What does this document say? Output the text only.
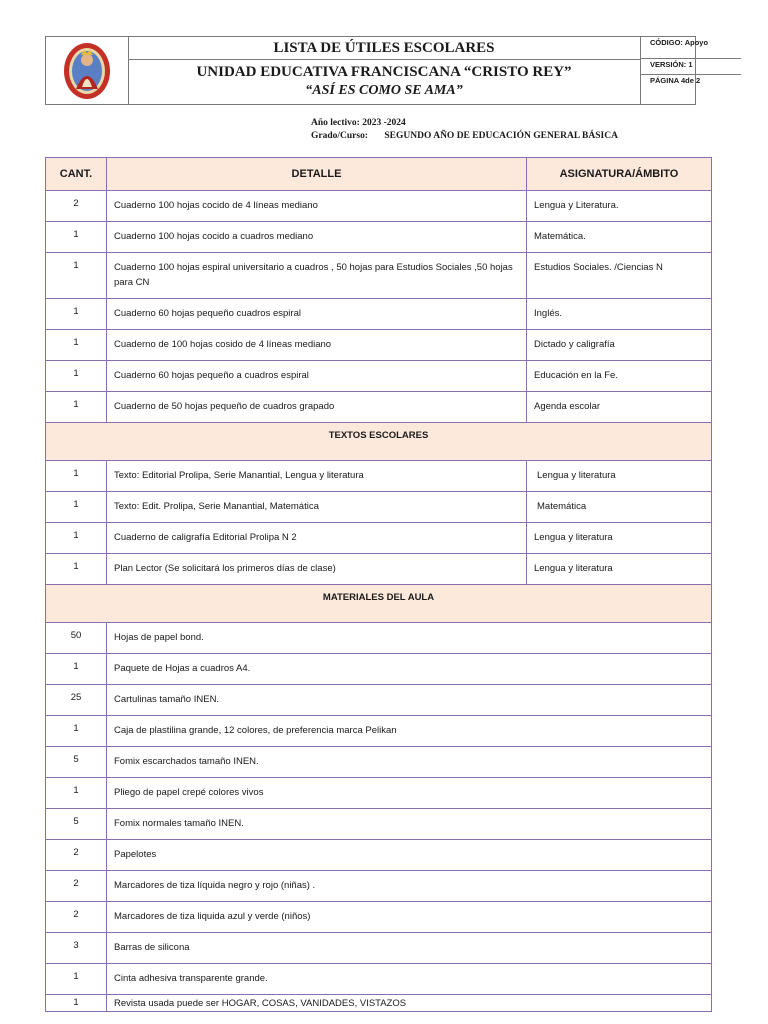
LISTA DE ÚTILES ESCOLARES
UNIDAD EDUCATIVA FRANCISCANA “CRISTO REY”
“ASÍ ES COMO SE AMA”
CÓDIGO: Apoyo
VERSIÓN: 1
PÁGINA 4de 2
Año lectivo: 2023 -2024
Grado/Curso: SEGUNDO AÑO DE EDUCACIÓN GENERAL BÁSICA
CANT.	DETALLE	ASIGNATURA/ÁMBITO
2	Cuaderno 100 hojas cocido de 4 líneas mediano	Lengua y Literatura.
1	Cuaderno 100 hojas cocido a cuadros mediano	Matemática.
1	Cuaderno 100 hojas espiral universitario a cuadros , 50 hojas para Estudios Sociales ,50 hojas para CN	Estudios Sociales. /Ciencias N
1	Cuaderno 60 hojas pequeño cuadros espiral	Inglés.
1	Cuaderno de 100 hojas cosido de 4 líneas mediano	Dictado y caligrafía
1	Cuaderno 60 hojas pequeño a cuadros espiral	Educación en la Fe.
1	Cuaderno de 50 hojas pequeño de cuadros grapado	Agenda escolar
TEXTOS ESCOLARES		
1	Texto: Editorial Prolipa, Serie Manantial, Lengua y literatura	Lengua y literatura
1	Texto: Edit. Prolipa, Serie Manantial, Matemática	Matemática
1	Cuaderno de caligrafía Editorial Prolipa N 2	Lengua y literatura
1	Plan Lector (Se solicitará los primeros días de clase)	Lengua y literatura
MATERIALES DEL AULA		
50	Hojas de papel bond.	
1	Paquete de Hojas a cuadros A4.	
25	Cartulinas tamaño INEN.	
1	Caja de plastilina grande, 12 colores, de preferencia marca Pelikan	
5	Fomix escarchados tamaño INEN.	
1	Pliego de papel crepé colores vivos	
5	Fomix normales tamaño INEN.	
2	Papelotes	
2	Marcadores de tiza líquida negro y rojo (niñas) .	
2	Marcadores de tiza liquida azul y verde (niños)	
3	Barras de silicona	
1	Cinta adhesiva transparente grande.	
1	Revista usada puede ser HOGAR, COSAS, VANIDADES, VISTAZOS	
